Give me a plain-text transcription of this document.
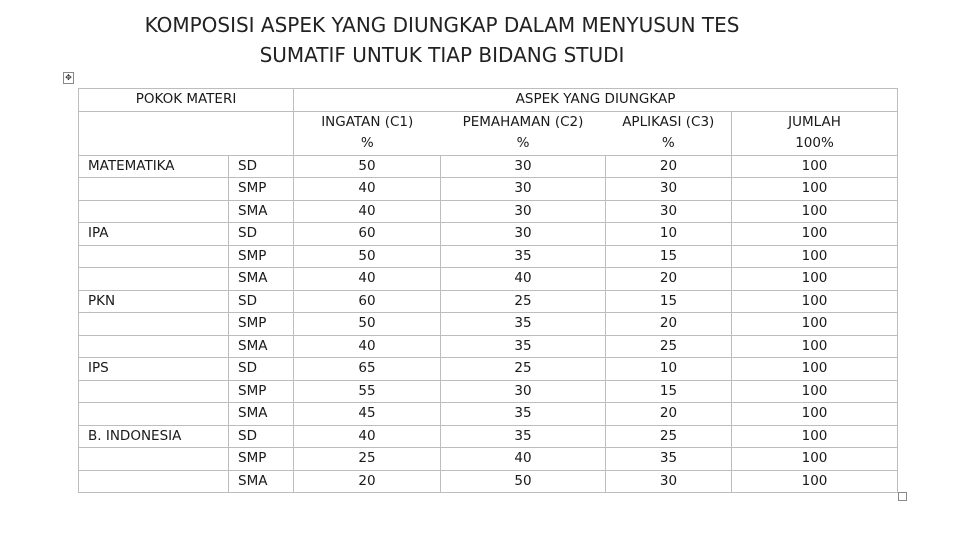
KOMPOSISI ASPEK YANG DIUNGKAP DALAM MENYUSUN TES
SUMATIF UNTUK TIAP BIDANG STUDI
✥
POKOK MATERI		ASPEK YANG DIUNGKAP			
		INGATAN (C1)	PEMAHAMAN (C2)	APLIKASI (C3)	JUMLAH
		%	%	%	100%
MATEMATIKA	SD	50	30	20	100
	SMP	40	30	30	100
	SMA	40	30	30	100
IPA	SD	60	30	10	100
	SMP	50	35	15	100
	SMA	40	40	20	100
PKN	SD	60	25	15	100
	SMP	50	35	20	100
	SMA	40	35	25	100
IPS	SD	65	25	10	100
	SMP	55	30	15	100
	SMA	45	35	20	100
B. INDONESIA	SD	40	35	25	100
	SMP	25	40	35	100
	SMA	20	50	30	100
